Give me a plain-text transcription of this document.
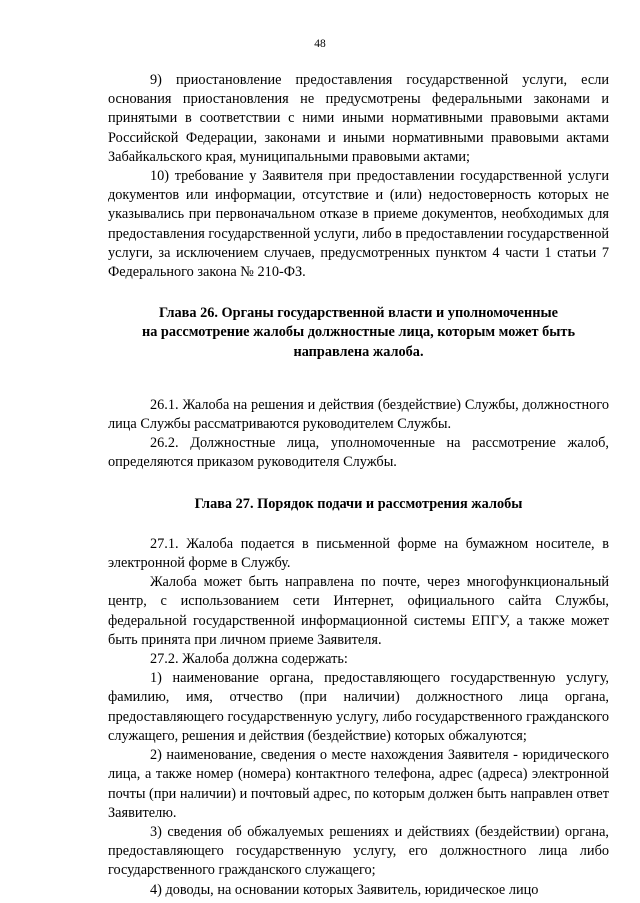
48

9) приостановление предоставления государственной услуги, если основания приостановления не предусмотрены федеральными законами и принятыми в соответствии с ними иными нормативными правовыми актами Российской Федерации, законами и иными нормативными правовыми актами Забайкальского края, муниципальными правовыми актами;

10) требование у Заявителя при предоставлении государственной услуги документов или информации, отсутствие и (или) недостоверность которых не указывались при первоначальном отказе в приеме документов, необходимых для предоставления государственной услуги, либо в предоставлении государственной услуги, за исключением случаев, предусмотренных пунктом 4 части 1 статьи 7 Федерального закона № 210-ФЗ.

Глава 26. Органы государственной власти и уполномоченные
на рассмотрение жалобы должностные лица, которым может быть
направлена жалоба.

26.1. Жалоба на решения и действия (бездействие) Службы, должностного лица Службы рассматриваются руководителем Службы.

26.2. Должностные лица, уполномоченные на рассмотрение жалоб, определяются приказом руководителя Службы.

Глава 27. Порядок подачи и рассмотрения жалобы

27.1. Жалоба подается в письменной форме на бумажном носителе, в электронной форме в Службу.

Жалоба может быть направлена по почте, через многофункциональный центр, с использованием сети Интернет, официального сайта Службы, федеральной государственной информационной системы ЕПГУ, а также может быть принята при личном приеме Заявителя.

27.2. Жалоба должна содержать:

1) наименование органа, предоставляющего государственную услугу, фамилию, имя, отчество (при наличии) должностного лица органа, предоставляющего государственную услугу, либо государственного гражданского служащего, решения и действия (бездействие) которых обжалуются;

2) наименование, сведения о месте нахождения Заявителя - юридического лица, а также номер (номера) контактного телефона, адрес (адреса) электронной почты (при наличии) и почтовый адрес, по которым должен быть направлен ответ Заявителю.

3) сведения об обжалуемых решениях и действиях (бездействии) органа, предоставляющего государственную услугу, его должностного лица либо государственного гражданского служащего;

4) доводы, на основании которых Заявитель, юридическое лицо
